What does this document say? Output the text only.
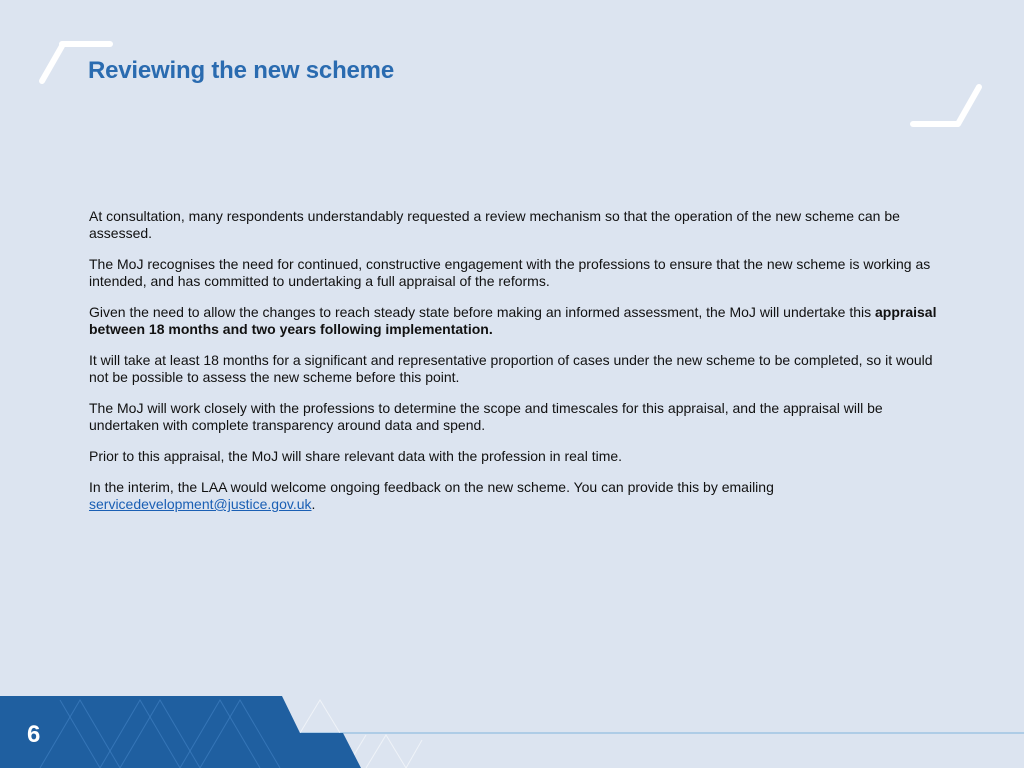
Reviewing the new scheme

At consultation, many respondents understandably requested a review mechanism so that the operation of the new scheme can be assessed.

The MoJ recognises the need for continued, constructive engagement with the professions to ensure that the new scheme is working as intended, and has committed to undertaking a full appraisal of the reforms.

Given the need to allow the changes to reach steady state before making an informed assessment, the MoJ will undertake this appraisal between 18 months and two years following implementation.

It will take at least 18 months for a significant and representative proportion of cases under the new scheme to be completed, so it would not be possible to assess the new scheme before this point.

The MoJ will work closely with the professions to determine the scope and timescales for this appraisal, and the appraisal will be undertaken with complete transparency around data and spend.

Prior to this appraisal, the MoJ will share relevant data with the profession in real time.

In the interim, the LAA would welcome ongoing feedback on the new scheme. You can provide this by emailing servicedevelopment@justice.gov.uk.

6
